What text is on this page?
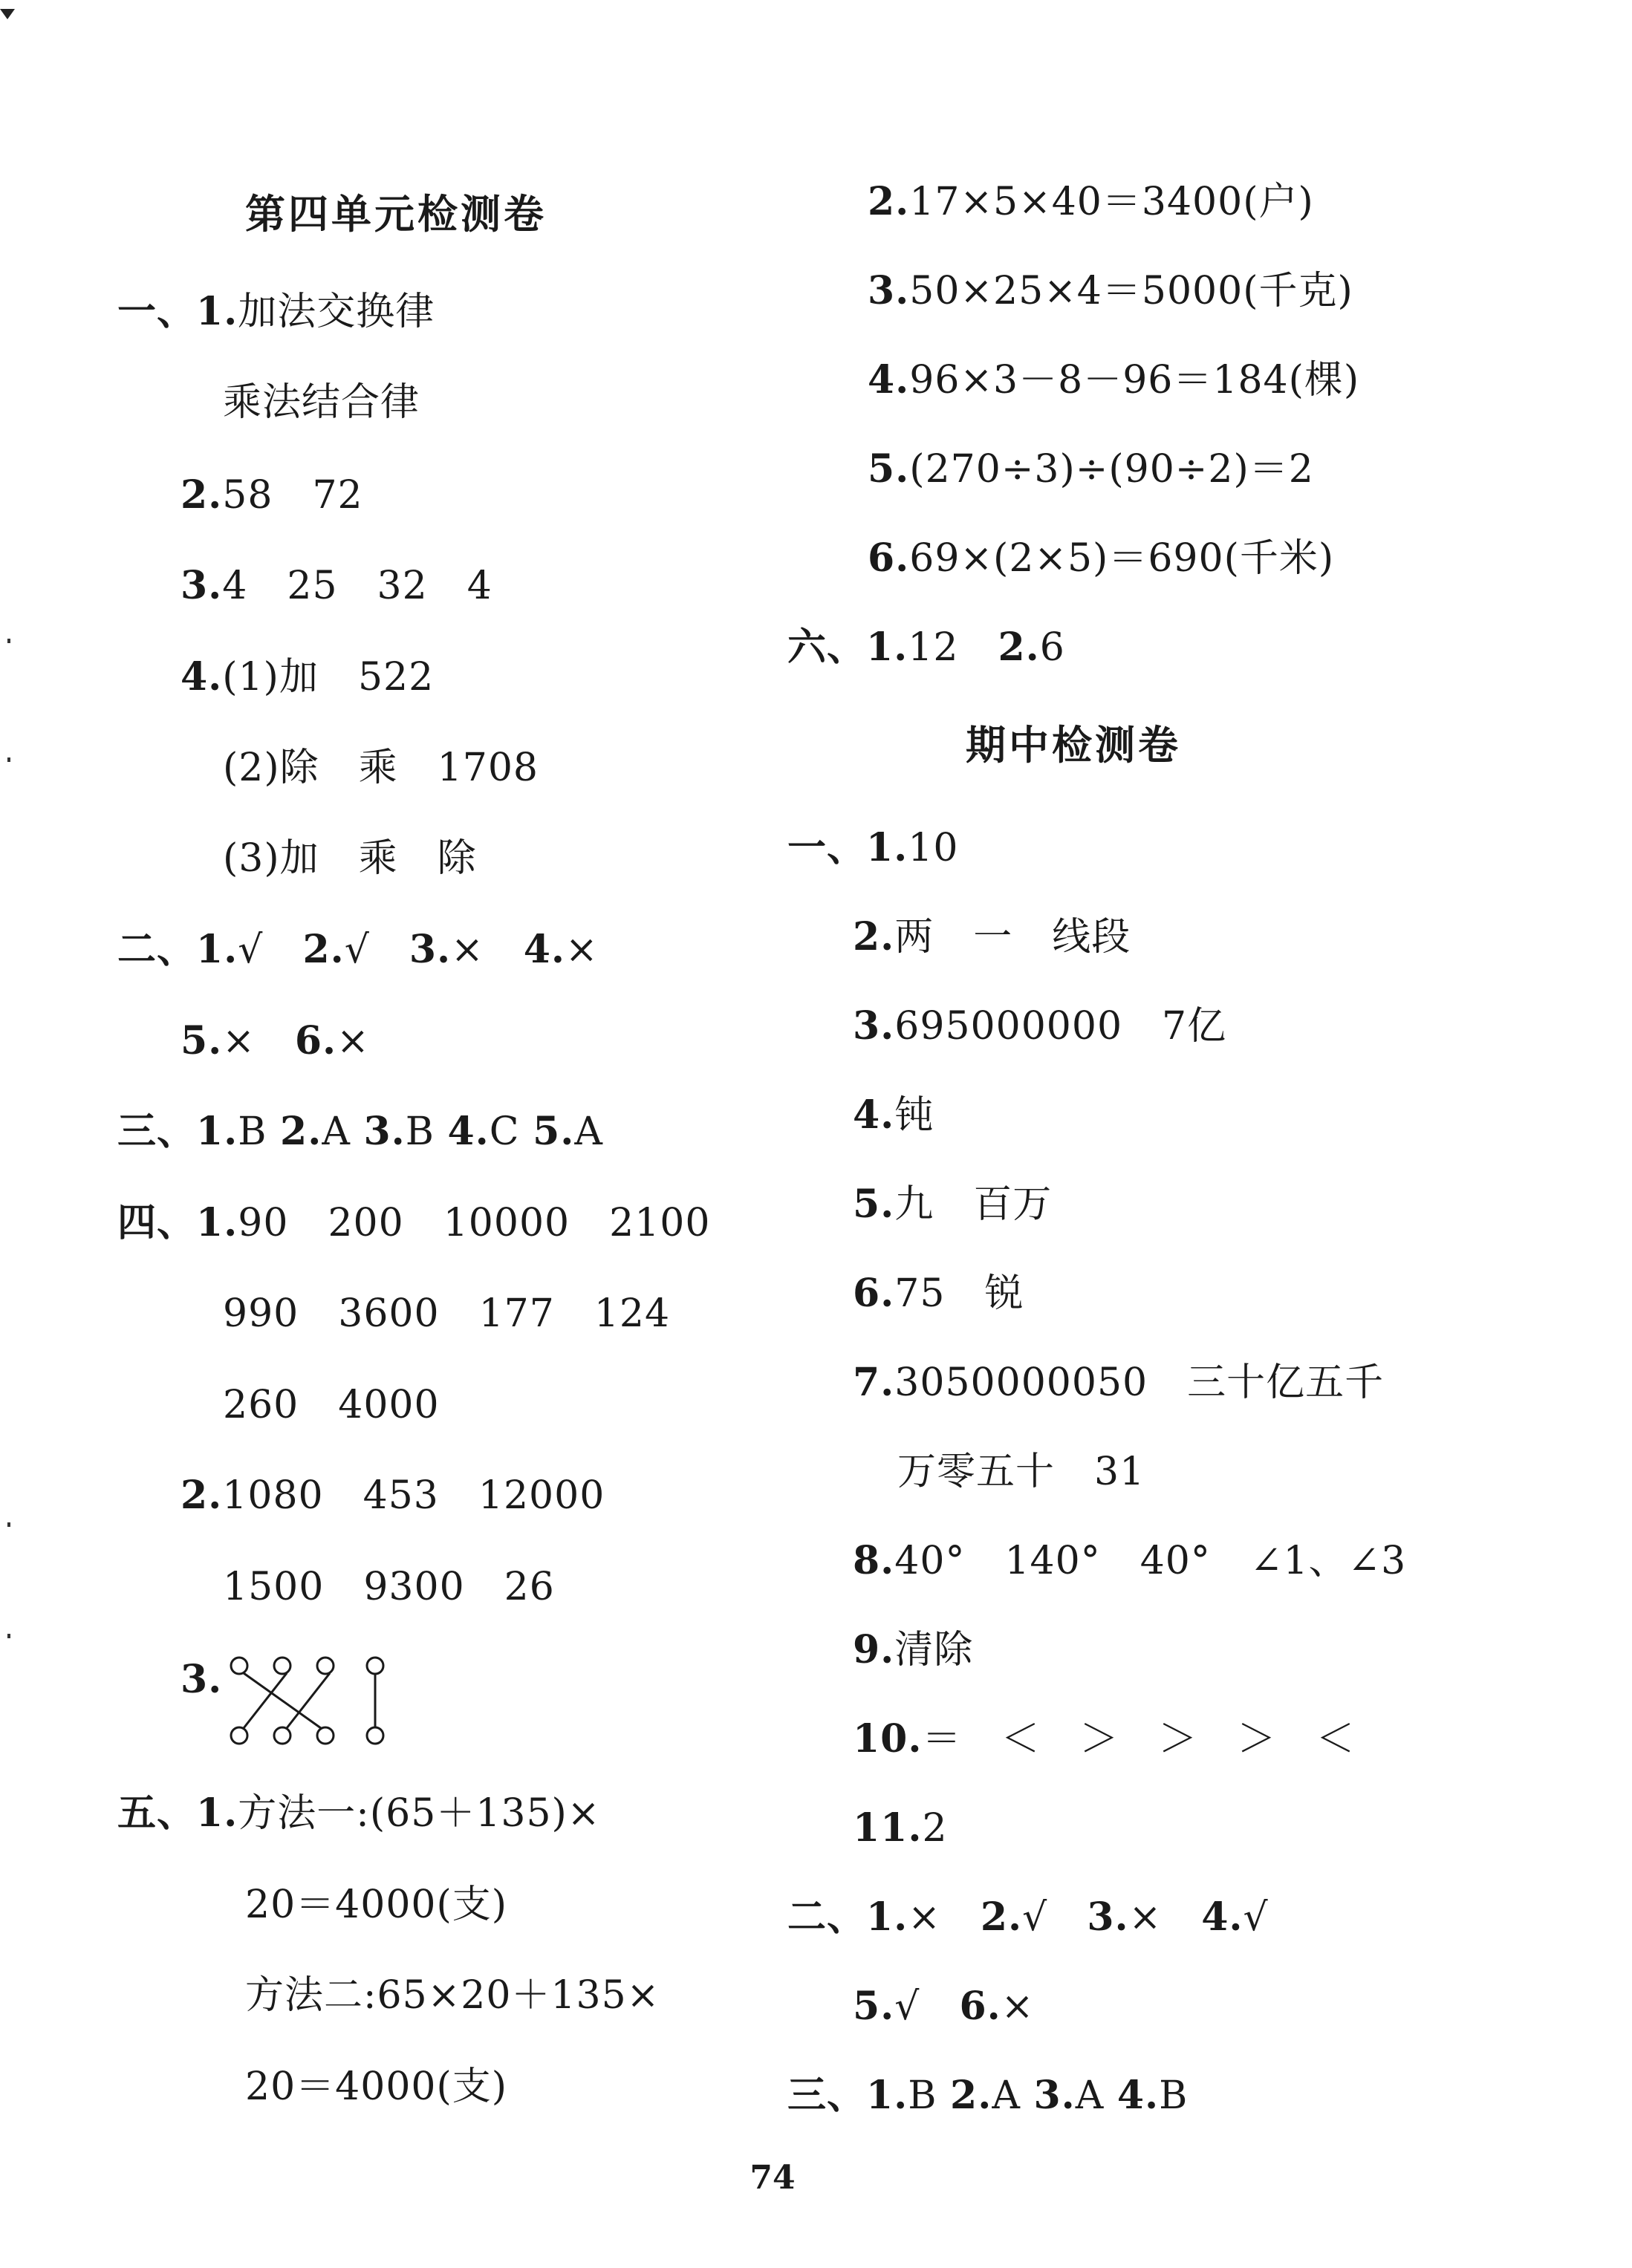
第四单元检测卷
一、1.加法交换律
乘法结合律
2.58　72
3.4　25　32　4
4.(1)加　522
(2)除　乘　1708
(3)加　乘　除
二、1.√　2.√　3.×　4.×
5.×　6.×
三、1.B 2.A 3.B 4.C 5.A
四、1.90　200　10000　2100
990　3600　177　124
260　4000
2.1080　453　12000
1500　9300　26
3.
五、1.方法一:(65＋135)×
20＝4000(支)
方法二:65×20＋135×
20＝4000(支)
2.17×5×40＝3400(户)
3.50×25×4＝5000(千克)
4.96×3－8－96＝184(棵)
5.(270÷3)÷(90÷2)＝2
6.69×(2×5)＝690(千米)
六、1.12　2.6
期中检测卷
一、1.10
2.两　一　线段
3.695000000　7亿
4.钝
5.九　百万
6.75　锐
7.3050000050　三十亿五千
万零五十　31
8.40°　140°　40°　∠1、∠3
9.清除
10.＝　＜　＞　＞　＞　＜
11.2
二、1.×　2.√　3.×　4.√
5.√　6.×
三、1.B 2.A 3.A 4.B
74
